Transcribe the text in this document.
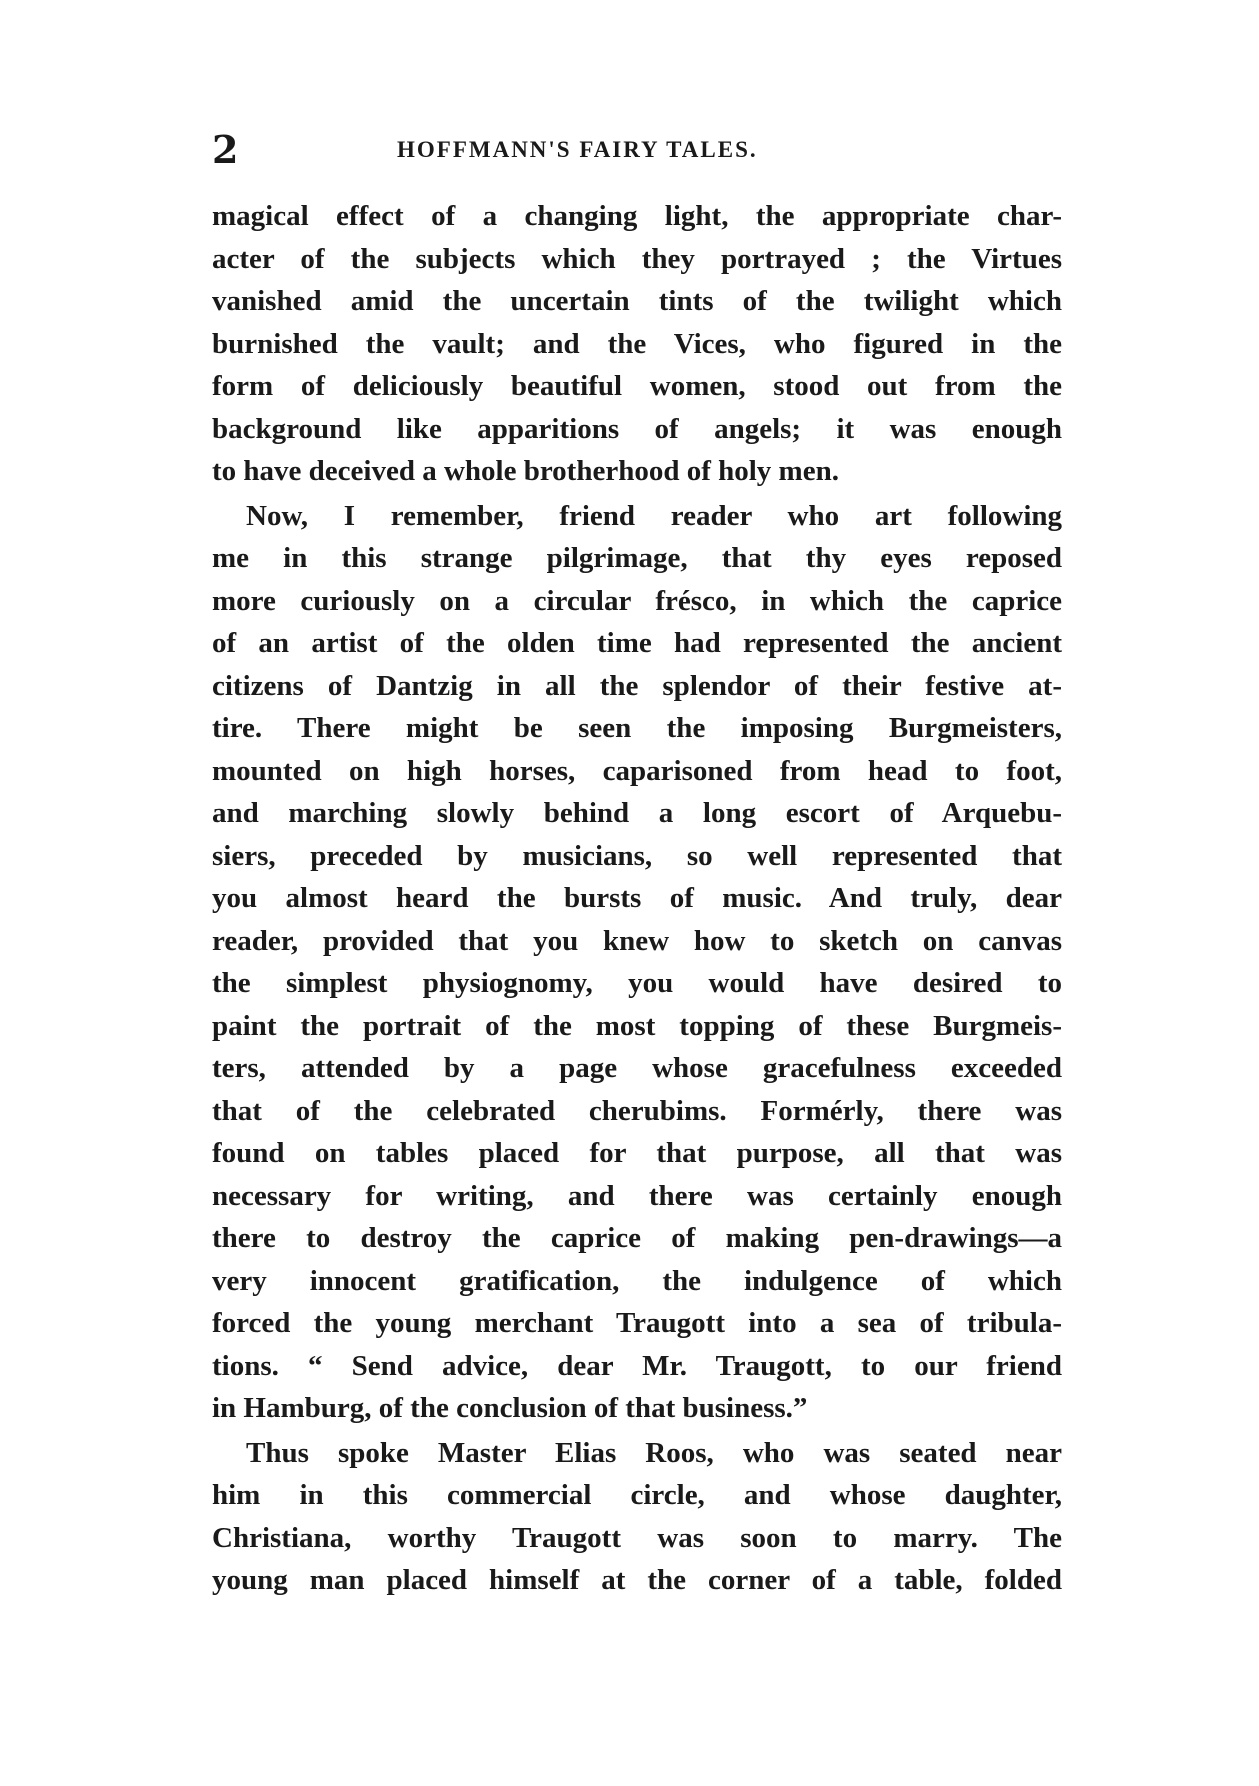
2	HOFFMANN'S FAIRY TALES.
magical effect of a changing light, the appropriate char-
acter of the subjects which they portrayed ; the Virtues
vanished amid the uncertain tints of the twilight which
burnished the vault; and the Vices, who figured in the
form of deliciously beautiful women, stood out from the
background like apparitions of angels; it was enough
to have deceived a whole brotherhood of holy men.
Now, I remember, friend reader who art following
me in this strange pilgrimage, that thy eyes reposed
more curiously on a circular frésco, in which the caprice
of an artist of the olden time had represented the ancient
citizens of Dantzig in all the splendor of their festive at-
tire. There might be seen the imposing Burgmeisters,
mounted on high horses, caparisoned from head to foot,
and marching slowly behind a long escort of Arquebu-
siers, preceded by musicians, so well represented that
you almost heard the bursts of music. And truly, dear
reader, provided that you knew how to sketch on canvas
the simplest physiognomy, you would have desired to
paint the portrait of the most topping of these Burgmeis-
ters, attended by a page whose gracefulness exceeded
that of the celebrated cherubims. Formérly, there was
found on tables placed for that purpose, all that was
necessary for writing, and there was certainly enough
there to destroy the caprice of making pen-drawings—a
very innocent gratification, the indulgence of which
forced the young merchant Traugott into a sea of tribula-
tions. “ Send advice, dear Mr. Traugott, to our friend
in Hamburg, of the conclusion of that business.”
Thus spoke Master Elias Roos, who was seated near
him in this commercial circle, and whose daughter,
Christiana, worthy Traugott was soon to marry. The
young man placed himself at the corner of a table, folded
